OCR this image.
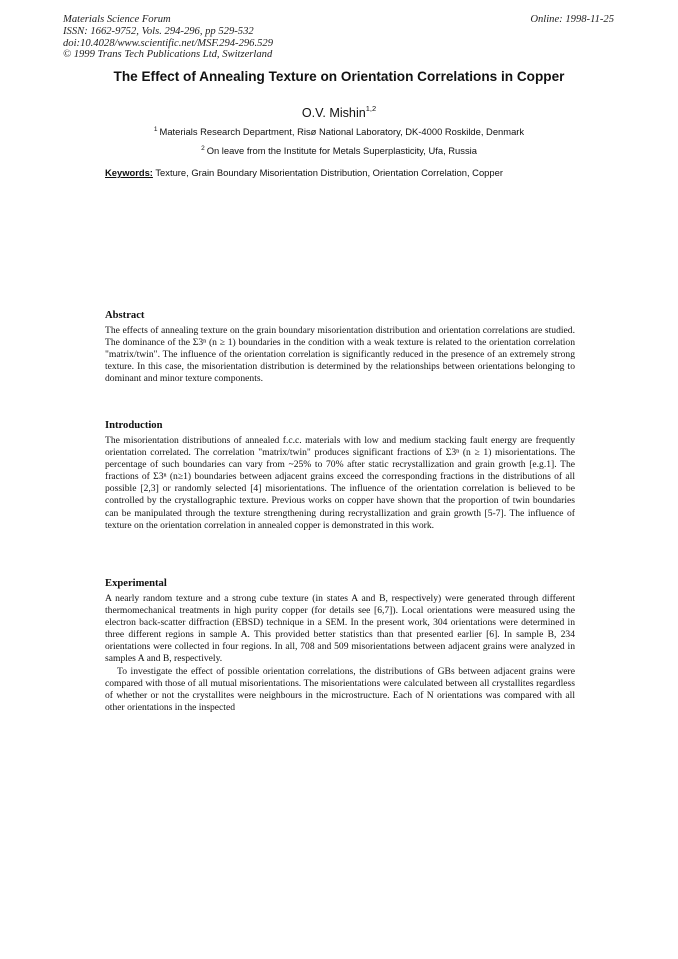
Materials Science Forum
ISSN: 1662-9752, Vols. 294-296, pp 529-532
doi:10.4028/www.scientific.net/MSF.294-296.529
© 1999 Trans Tech Publications Ltd, Switzerland
Online: 1998-11-25
The Effect of Annealing Texture on Orientation Correlations in Copper
O.V. Mishin$^{1,2}$
$^1$ Materials Research Department, Risø National Laboratory, DK-4000 Roskilde, Denmark
$^2$ On leave from the Institute for Metals Superplasticity, Ufa, Russia
Keywords: Texture, Grain Boundary Misorientation Distribution, Orientation Correlation, Copper
Abstract

The effects of annealing texture on the grain boundary misorientation distribution and orientation correlations are studied. The dominance of the Σ3ⁿ (n ≥ 1) boundaries in the condition with a weak texture is related to the orientation correlation "matrix/twin". The influence of the orientation correlation is significantly reduced in the presence of an extremely strong texture. In this case, the misorientation distribution is determined by the relationships between orientations belonging to dominant and minor texture components.

Introduction

The misorientation distributions of annealed f.c.c. materials with low and medium stacking fault energy are frequently orientation correlated. The correlation "matrix/twin" produces significant fractions of Σ3ⁿ (n ≥ 1) misorientations. The percentage of such boundaries can vary from ~25% to 70% after static recrystallization and grain growth [e.g.1]. The fractions of Σ3ⁿ (n≥1) boundaries between adjacent grains exceed the corresponding fractions in the distributions of all possible [2,3] or randomly selected [4] misorientations. The influence of the orientation correlation is believed to be controlled by the crystallographic texture. Previous works on copper have shown that the proportion of twin boundaries can be manipulated through the texture strengthening during recrystallization and grain growth [5-7]. The influence of texture on the orientation correlation in annealed copper is demonstrated in this work.

Experimental

A nearly random texture and a strong cube texture (in states A and B, respectively) were generated through different thermomechanical treatments in high purity copper (for details see [6,7]). Local orientations were measured using the electron back-scatter diffraction (EBSD) technique in a SEM. In the present work, 304 orientations were determined in three different regions in sample A. This provided better statistics than that presented earlier [6]. In sample B, 234 orientations were collected in four regions. In all, 708 and 509 misorientations between adjacent grains were analyzed in samples A and B, respectively.

To investigate the effect of possible orientation correlations, the distributions of GBs between adjacent grains were compared with those of all mutual misorientations. The misorientations were calculated between all crystallites regardless of whether or not the crystallites were neighbours in the microstructure. Each of N orientations was compared with all other orientations in the inspected
